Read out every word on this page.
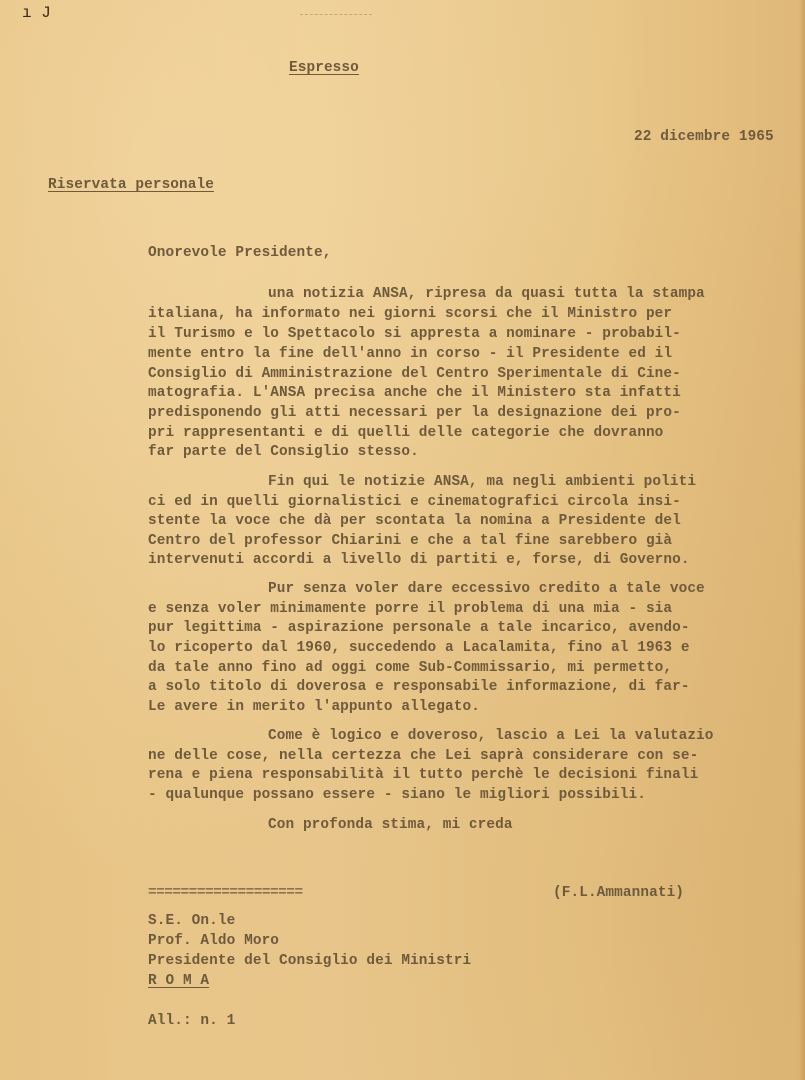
ı J
Espresso
22 dicembre 1965
Riservata personale
Onorevole Presidente,
una notizia ANSA, ripresa da quasi tutta la stampa
italiana, ha informato nei giorni scorsi che il Ministro per
il Turismo e lo Spettacolo si appresta a nominare - probabil-
mente entro la fine dell'anno in corso - il Presidente ed il
Consiglio di Amministrazione del Centro Sperimentale di Cine-
matografia. L'ANSA precisa anche che il Ministero sta infatti
predisponendo gli atti necessari per la designazione dei pro-
pri rappresentanti e di quelli delle categorie che dovranno
far parte del Consiglio stesso.
Fin qui le notizie ANSA, ma negli ambienti politi
ci ed in quelli giornalistici e cinematografici circola insi-
stente la voce che dà per scontata la nomina a Presidente del
Centro del professor Chiarini e che a tal fine sarebbero già
intervenuti accordi a livello di partiti e, forse, di Governo.
Pur senza voler dare eccessivo credito a tale voce
e senza voler minimamente porre il problema di una mia - sia
pur legittima - aspirazione personale a tale incarico, avendo-
lo ricoperto dal 1960, succedendo a Lacalamita, fino al 1963 e
da tale anno fino ad oggi come Sub-Commissario, mi permetto,
a solo titolo di doverosa e responsabile informazione, di far-
Le avere in merito l'appunto allegato.
Come è logico e doveroso, lascio a Lei la valutazio
ne delle cose, nella certezza che Lei saprà considerare con se-
rena e piena responsabilità il tutto perchè le decisioni finali
- qualunque possano essere - siano le migliori possibili.
Con profonda stima, mi creda
===================	(F.L.Ammannati)
S.E. On.le
Prof. Aldo Moro
Presidente del Consiglio dei Ministri
R O M A
All.: n. 1
